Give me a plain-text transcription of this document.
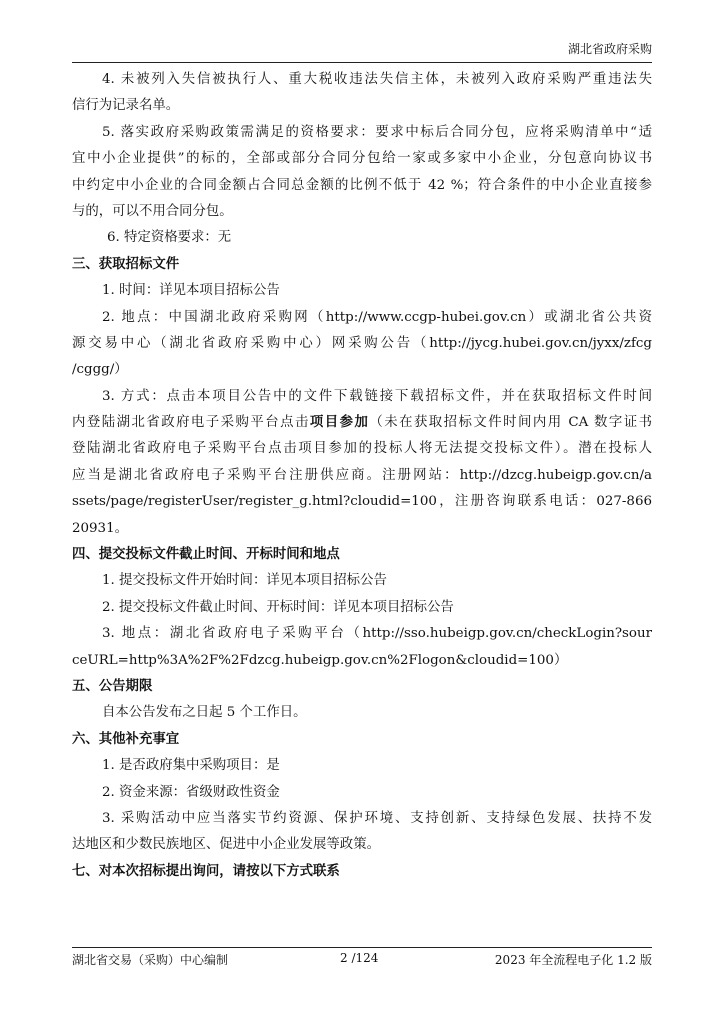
湖北省政府采购
4. 未被列入失信被执行人、重大税收违法失信主体，未被列入政府采购严重违法失
信行为记录名单。
5. 落实政府采购政策需满足的资格要求：要求中标后合同分包，应将采购清单中“适
宜中小企业提供”的标的，全部或部分合同分包给一家或多家中小企业，分包意向协议书
中约定中小企业的合同金额占合同总金额的比例不低于 42 %；符合条件的中小企业直接参
与的，可以不用合同分包。
6. 特定资格要求：无
三、获取招标文件
1. 时间：详见本项目招标公告
2. 地点：中国湖北政府采购网（http://www.ccgp-hubei.gov.cn）或湖北省公共资
源交易中心（湖北省政府采购中心）网采购公告（http://jycg.hubei.gov.cn/jyxx/zfcg
/cggg/）
3. 方式：点击本项目公告中的文件下载链接下载招标文件，并在获取招标文件时间
内登陆湖北省政府电子采购平台点击项目参加（未在获取招标文件时间内用 CA 数字证书
登陆湖北省政府电子采购平台点击项目参加的投标人将无法提交投标文件）。潜在投标人
应当是湖北省政府电子采购平台注册供应商。注册网站：http://dzcg.hubeigp.gov.cn/a
ssets/page/registerUser/register_g.html?cloudid=100，注册咨询联系电话：027-866
20931。
四、提交投标文件截止时间、开标时间和地点
1. 提交投标文件开始时间：详见本项目招标公告
2. 提交投标文件截止时间、开标时间：详见本项目招标公告
3. 地点：湖北省政府电子采购平台（http://sso.hubeigp.gov.cn/checkLogin?sour
ceURL=http%3A%2F%2Fdzcg.hubeigp.gov.cn%2Flogon&cloudid=100）
五、公告期限
自本公告发布之日起 5 个工作日。
六、其他补充事宜
1. 是否政府集中采购项目：是
2. 资金来源：省级财政性资金
3. 采购活动中应当落实节约资源、保护环境、支持创新、支持绿色发展、扶持不发
达地区和少数民族地区、促进中小企业发展等政策。
七、对本次招标提出询问，请按以下方式联系
湖北省交易（采购）中心编制	2 /124	2023 年全流程电子化 1.2 版
